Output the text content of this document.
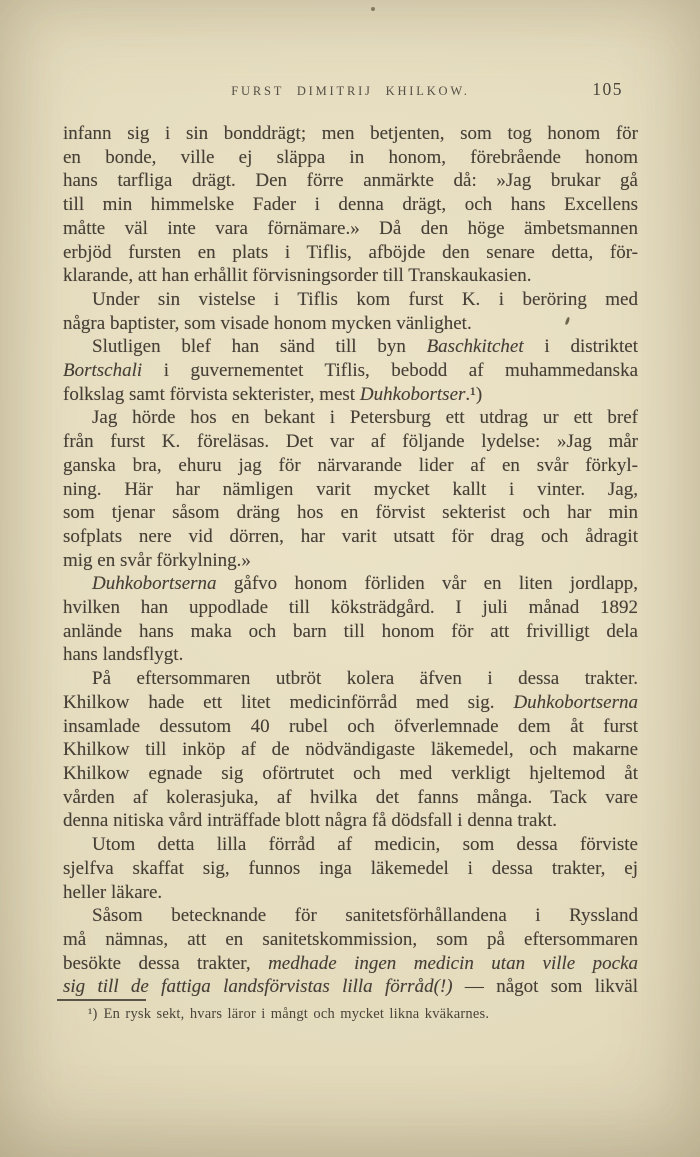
FURST DIMITRIJ KHILKOW.	105
infann sig i sin bonddrägt; men betjenten, som tog honom för
en bonde, ville ej släppa in honom, förebrående honom
hans tarfliga drägt. Den förre anmärkte då: »Jag brukar gå
till min himmelske Fader i denna drägt, och hans Excellens
måtte väl inte vara förnämare.» Då den höge ämbetsmannen
erbjöd fursten en plats i Tiflis, afböjde den senare detta, för-
klarande, att han erhållit förvisningsorder till Transkaukasien.
Under sin vistelse i Tiflis kom furst K. i beröring med
några baptister, som visade honom mycken vänlighet.
Slutligen blef han sänd till byn Baschkitchet i distriktet
Bortschali i guvernementet Tiflis, bebodd af muhammedanska
folkslag samt förvista sekterister, mest Duhkobortser.¹)
Jag hörde hos en bekant i Petersburg ett utdrag ur ett bref
från furst K. föreläsas. Det var af följande lydelse: »Jag mår
ganska bra, ehuru jag för närvarande lider af en svår förkyl-
ning. Här har nämligen varit mycket kallt i vinter. Jag,
som tjenar såsom dräng hos en förvist sekterist och har min
sofplats nere vid dörren, har varit utsatt för drag och ådragit
mig en svår förkylning.»
Duhkobortserna gåfvo honom förliden vår en liten jordlapp,
hvilken han uppodlade till köksträdgård. I juli månad 1892
anlände hans maka och barn till honom för att frivilligt dela
hans landsflygt.
På eftersommaren utbröt kolera äfven i dessa trakter.
Khilkow hade ett litet medicinförråd med sig. Duhkobortserna
insamlade dessutom 40 rubel och öfverlemnade dem åt furst
Khilkow till inköp af de nödvändigaste läkemedel, och makarne
Khilkow egnade sig oförtrutet och med verkligt hjeltemod åt
vården af kolerasjuka, af hvilka det fanns många. Tack vare
denna nitiska vård inträffade blott några få dödsfall i denna trakt.
Utom detta lilla förråd af medicin, som dessa förviste
sjelfva skaffat sig, funnos inga läkemedel i dessa trakter, ej
heller läkare.
Såsom betecknande för sanitetsförhållandena i Ryssland
må nämnas, att en sanitetskommission, som på eftersommaren
besökte dessa trakter, medhade ingen medicin utan ville pocka
sig till de fattiga landsförvistas lilla förråd(!) — något som likväl
¹) En rysk sekt, hvars läror i mångt och mycket likna kväkarnes.
